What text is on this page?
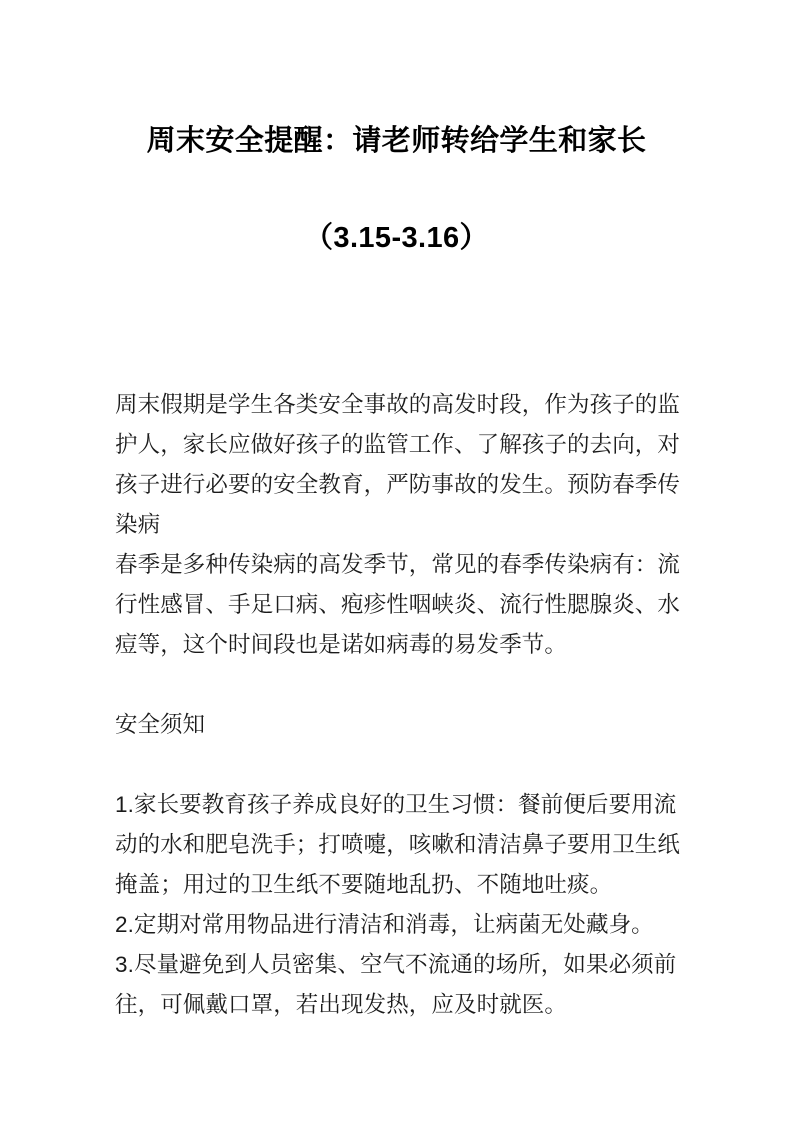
周末安全提醒：请老师转给学生和家长
（3.15-3.16）

周末假期是学生各类安全事故的高发时段，作为孩子的监护人，家长应做好孩子的监管工作、了解孩子的去向，对孩子进行必要的安全教育，严防事故的发生。预防春季传染病

春季是多种传染病的高发季节，常见的春季传染病有：流行性感冒、手足口病、疱疹性咽峡炎、流行性腮腺炎、水痘等，这个时间段也是诺如病毒的易发季节。

安全须知

1.家长要教育孩子养成良好的卫生习惯：餐前便后要用流动的水和肥皂洗手；打喷嚏，咳嗽和清洁鼻子要用卫生纸掩盖；用过的卫生纸不要随地乱扔、不随地吐痰。

2.定期对常用物品进行清洁和消毒，让病菌无处藏身。

3.尽量避免到人员密集、空气不流通的场所，如果必须前往，可佩戴口罩，若出现发热，应及时就医。
